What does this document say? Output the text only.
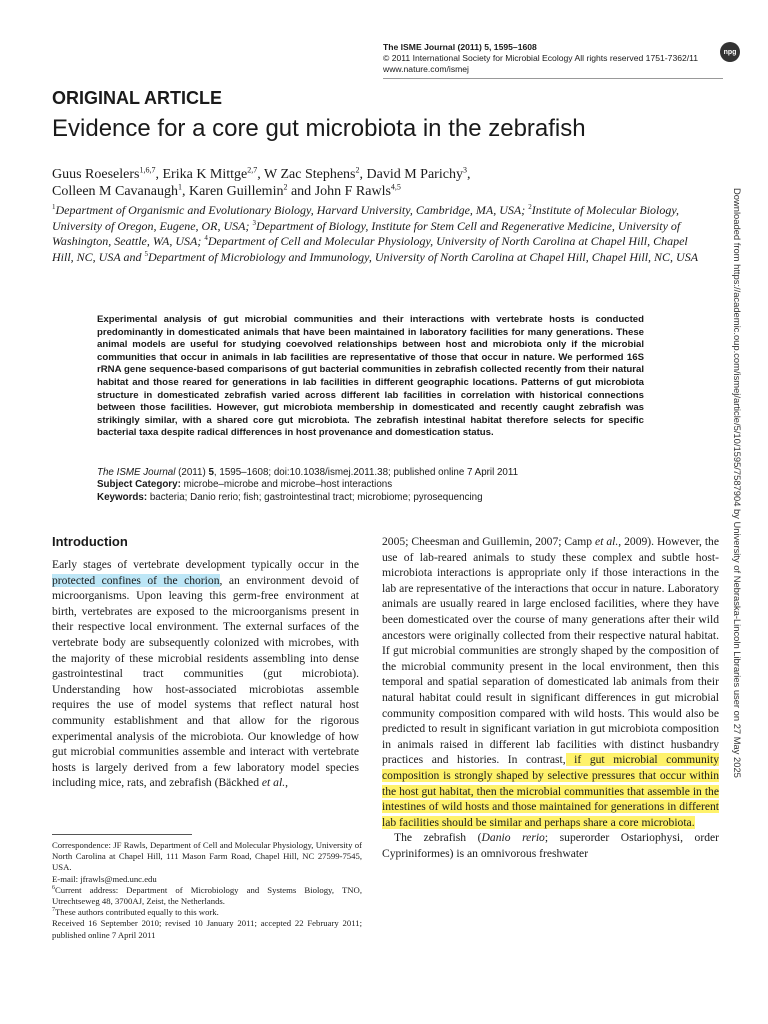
The ISME Journal (2011) 5, 1595–1608
© 2011 International Society for Microbial Ecology All rights reserved 1751-7362/11
www.nature.com/ismej
npg
ORIGINAL ARTICLE
Evidence for a core gut microbiota in the zebrafish
Guus Roeselers$^{1,6,7}$, Erika K Mittge$^{2,7}$, W Zac Stephens$^2$, David M Parichy$^3$,
Colleen M Cavanaugh$^1$, Karen Guillemin$^2$ and John F Rawls$^{4,5}$
$^1$Department of Organismic and Evolutionary Biology, Harvard University, Cambridge, MA, USA; $^2$Institute of Molecular Biology, University of Oregon, Eugene, OR, USA; $^3$Department of Biology, Institute for Stem Cell and Regenerative Medicine, University of Washington, Seattle, WA, USA; $^4$Department of Cell and Molecular Physiology, University of North Carolina at Chapel Hill, Chapel Hill, NC, USA and $^5$Department of Microbiology and Immunology, University of North Carolina at Chapel Hill, Chapel Hill, NC, USA	Downloaded from https://academic.oup.com/ismej/article/5/10/1595/7587904 by University of Nebraska-Lincoln Libraries user on 27 May 2025

Experimental analysis of gut microbial communities and their interactions with vertebrate hosts is conducted predominantly in domesticated animals that have been maintained in laboratory facilities for many generations. These animal models are useful for studying coevolved relationships between host and microbiota only if the microbial communities that occur in animals in lab facilities are representative of those that occur in nature. We performed 16S rRNA gene sequence-based comparisons of gut bacterial communities in zebrafish collected recently from their natural habitat and those reared for generations in lab facilities in different geographic locations. Patterns of gut microbiota structure in domesticated zebrafish varied across different lab facilities in correlation with historical connections between those facilities. However, gut microbiota membership in domesticated and recently caught zebrafish was strikingly similar, with a shared core gut microbiota. The zebrafish intestinal habitat therefore selects for specific bacterial taxa despite radical differences in host provenance and domestication status.

The ISME Journal (2011) 5, 1595–1608; doi:10.1038/ismej.2011.38; published online 7 April 2011
Subject Category: microbe–microbe and microbe–host interactions
Keywords: bacteria; Danio rerio; fish; gastrointestinal tract; microbiome; pyrosequencing
Introduction

Early stages of vertebrate development typically occur in the protected confines of the chorion, an environment devoid of microorganisms. Upon leaving this germ-free environment at birth, vertebrates are exposed to the microorganisms present in their respective local environment. The external surfaces of the vertebrate body are subsequently colonized with microbes, with the majority of these microbial residents assembling into dense gastrointestinal tract communities (gut microbiota). Understanding how host-associated microbiotas assemble requires the use of model systems that reflect natural host community establishment and that allow for the rigorous experimental analysis of the microbiota. Our knowledge of how gut microbial communities assemble and interact with vertebrate hosts is largely derived from a few laboratory model species including mice, rats, and zebrafish (Bäckhed et al.,

2005; Cheesman and Guillemin, 2007; Camp et al., 2009). However, the use of lab-reared animals to study these complex and subtle host-microbiota interactions is appropriate only if those interactions in the lab are representative of the interactions that occur in nature. Laboratory animals are usually reared in large enclosed facilities, where they have been domesticated over the course of many generations after their wild ancestors were originally collected from their respective natural habitat. If gut microbial communities are strongly shaped by the composition of the microbial community present in the local environment, then this temporal and spatial separation of domesticated lab animals from their natural habitat could result in significant differences in gut microbial community composition compared with wild hosts. This would also be predicted to result in significant variation in gut microbiota composition in animals raised in different lab facilities with distinct husbandry practices and histories. In contrast, if gut microbial community composition is strongly shaped by selective pressures that occur within the host gut habitat, then the microbial communities that assemble in the intestines of wild hosts and those maintained for generations in different lab facilities should be similar and perhaps share a core microbiota.

The zebrafish (Danio rerio; superorder Ostariophysi, order Cypriniformes) is an omnivorous freshwater

Correspondence: JF Rawls, Department of Cell and Molecular Physiology, University of North Carolina at Chapel Hill, 111 Mason Farm Road, Chapel Hill, NC 27599-7545, USA.

E-mail: jfrawls@med.unc.edu

$^6$Current address: Department of Microbiology and Systems Biology, TNO, Utrechtseweg 48, 3700AJ, Zeist, the Netherlands.

$^7$These authors contributed equally to this work.

Received 16 September 2010; revised 10 January 2011; accepted 22 February 2011; published online 7 April 2011
